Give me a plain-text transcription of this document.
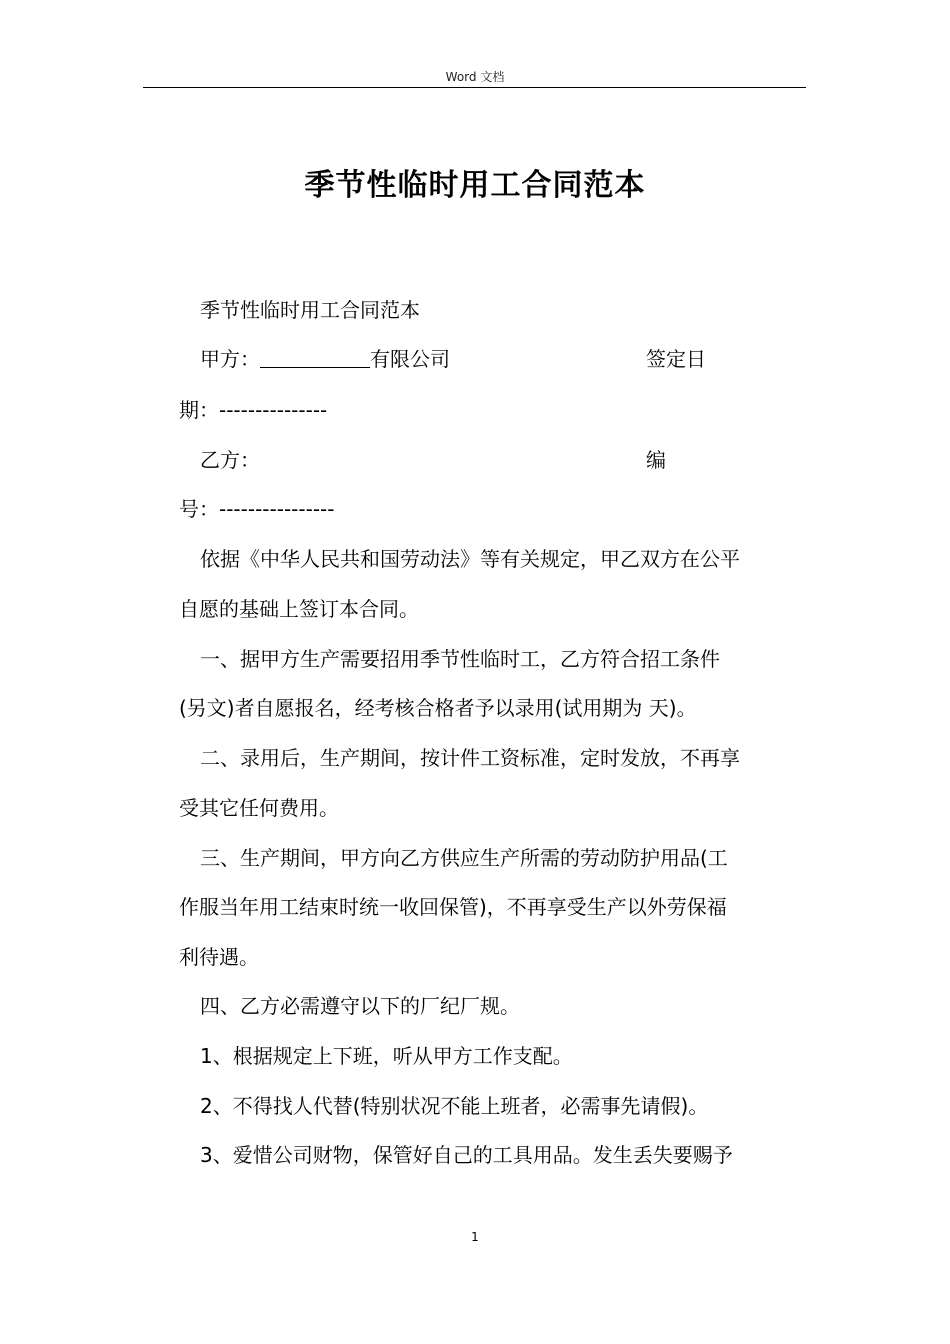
Word 文档
季节性临时用工合同范本
季节性临时用工合同范本
甲方：	有限公司	签定日
期：---------------
乙方：	编
号：----------------
依据《中华人民共和国劳动法》等有关规定，甲乙双方在公平
自愿的基础上签订本合同。
一、据甲方生产需要招用季节性临时工，乙方符合招工条件
(另文)者自愿报名，经考核合格者予以录用(试用期为 天)。
二、录用后，生产期间，按计件工资标准，定时发放，不再享
受其它任何费用。
三、生产期间，甲方向乙方供应生产所需的劳动防护用品(工
作服当年用工结束时统一收回保管)，不再享受生产以外劳保福
利待遇。
四、乙方必需遵守以下的厂纪厂规。
1、根据规定上下班，听从甲方工作支配。
2、不得找人代替(特别状况不能上班者，必需事先请假)。
3、爱惜公司财物，保管好自己的工具用品。发生丢失要赐予
1
